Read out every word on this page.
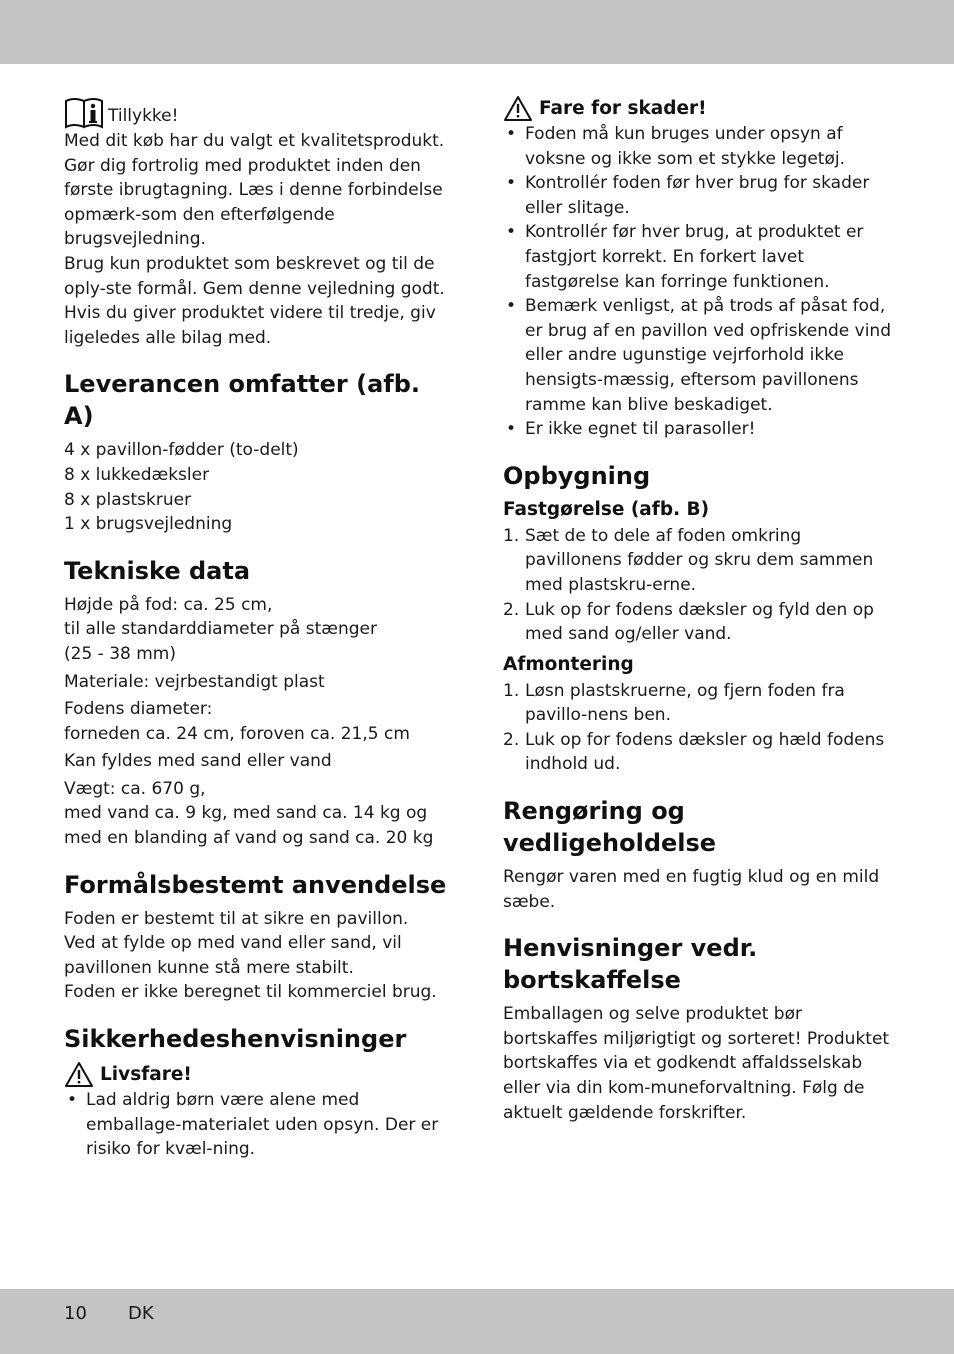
Tillykke!

Med dit køb har du valgt et kvalitetsprodukt. Gør dig fortrolig med produktet inden den første ibrugtagning. Læs i denne forbindelse opmærk-som den efterfølgende brugsvejledning.

Brug kun produktet som beskrevet og til de oply-ste formål. Gem denne vejledning godt.

Hvis du giver produktet videre til tredje, giv ligeledes alle bilag med.

Leverancen omfatter (afb. A)

4 x pavillon-fødder (to-delt)

8 x lukkedæksler

8 x plastskruer

1 x brugsvejledning

Tekniske data

Højde på fod: ca. 25 cm,

til alle standarddiameter på stænger

(25 - 38 mm)

Materiale: vejrbestandigt plast

Fodens diameter:

forneden ca. 24 cm, foroven ca. 21,5 cm

Kan fyldes med sand eller vand

Vægt: ca. 670 g,

med vand ca. 9 kg, med sand ca. 14 kg og med en blanding af vand og sand ca. 20 kg

Formålsbestemt anvendelse

Foden er bestemt til at sikre en pavillon.

Ved at fylde op med vand eller sand, vil pavillonen kunne stå mere stabilt.

Foden er ikke beregnet til kommerciel brug.

Sikkerhedeshenvisninger
Livsfare!
• Lad aldrig børn være alene med emballage-materialet uden opsyn. Der er risiko for kvæl-ning.
Fare for skader!
• Foden må kun bruges under opsyn af voksne og ikke som et stykke legetøj.
• Kontrollér foden før hver brug for skader eller slitage.
• Kontrollér før hver brug, at produktet er fastgjort korrekt. En forkert lavet fastgørelse kan forringe funktionen.
• Bemærk venligst, at på trods af påsat fod, er brug af en pavillon ved opfriskende vind eller andre ugunstige vejrforhold ikke hensigts-mæssig, eftersom pavillonens ramme kan blive beskadiget.
• Er ikke egnet til parasoller!
Opbygning
Fastgørelse (afb. B)
1. Sæt de to dele af foden omkring pavillonens fødder og skru dem sammen med plastskru-erne.
2. Luk op for fodens dæksler og fyld den op med sand og/eller vand.
Afmontering
1. Løsn plastskruerne, og fjern foden fra pavillo-nens ben.
2. Luk op for fodens dæksler og hæld fodens indhold ud.
Rengøring og vedligeholdelse

Rengør varen med en fugtig klud og en mild sæbe.

Henvisninger vedr. bortskaffelse

Emballagen og selve produktet bør bortskaffes miljørigtigt og sorteret! Produktet bortskaffes via et godkendt affaldsselskab eller via din kom-muneforvaltning. Følg de aktuelt gældende forskrifter.

10 DK
